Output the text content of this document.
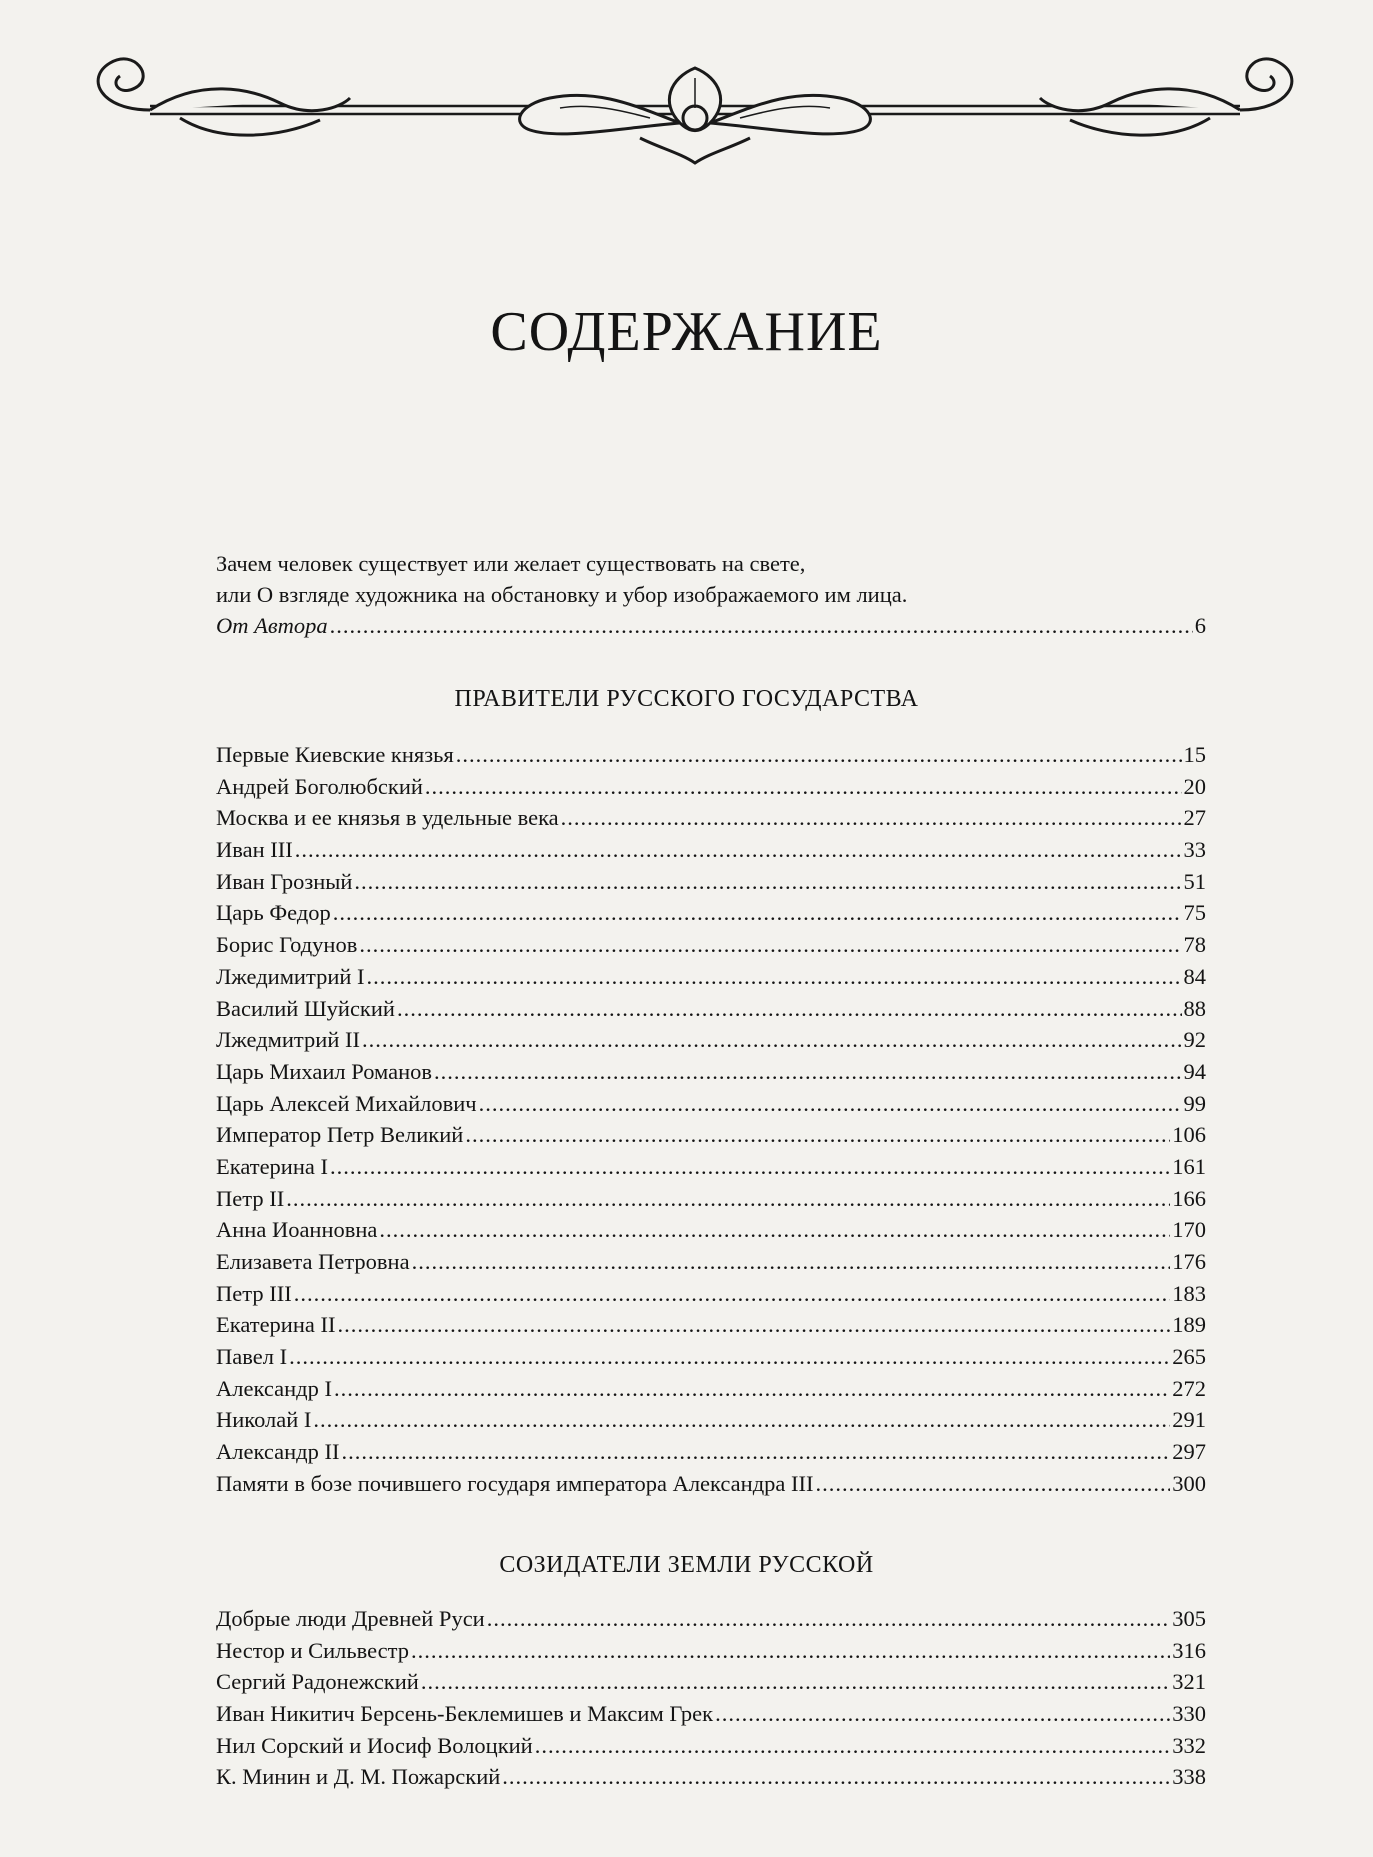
СОДЕРЖАНИЕ
Зачем человек существует или желает существовать на свете,
или О взгляде художника на обстановку и убор изображаемого им лица.
От Автора .....	6
ПРАВИТЕЛИ РУССКОГО ГОСУДАРСТВА
Первые Киевские князья .....	15
Андрей Боголюбский .....	20
Москва и ее князья в удельные века .....	27
Иван III .....	33
Иван Грозный .....	51
Царь Федор .....	75
Борис Годунов .....	78
Лжедимитрий I .....	84
Василий Шуйский .....	88
Лжедмитрий II .....	92
Царь Михаил Романов .....	94
Царь Алексей Михайлович .....	99
Император Петр Великий .....	106
Екатерина I .....	161
Петр II .....	166
Анна Иоанновна .....	170
Елизавета Петровна .....	176
Петр III .....	183
Екатерина II .....	189
Павел I .....	265
Александр I .....	272
Николай I .....	291
Александр II .....	297
Памяти в бозе почившего государя императора Александра III .....	300
СОЗИДАТЕЛИ ЗЕМЛИ РУССКОЙ
Добрые люди Древней Руси .....	305
Нестор и Сильвестр .....	316
Сергий Радонежский .....	321
Иван Никитич Берсень-Беклемишев и Максим Грек .....	330
Нил Сорский и Иосиф Волоцкий .....	332
К. Минин и Д. М. Пожарский .....	338
